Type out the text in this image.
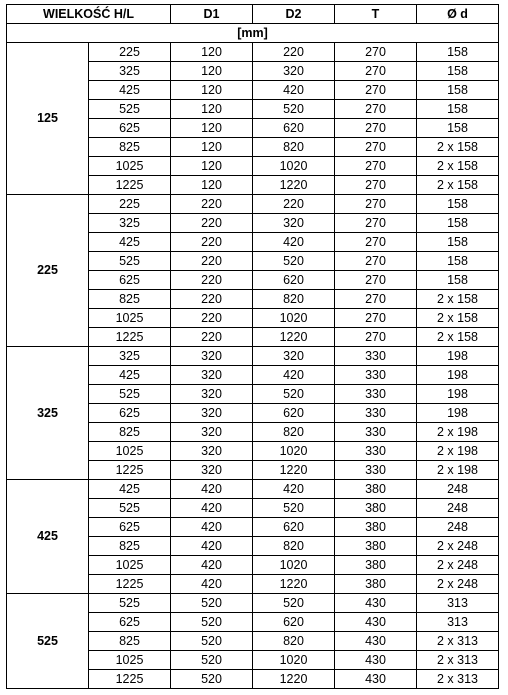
WIELKOŚĆ H/L		D1	D2	T	Ø d
[mm]					
125	225	120	220	270	158
	325	120	320	270	158
	425	120	420	270	158
	525	120	520	270	158
	625	120	620	270	158
	825	120	820	270	2 x 158
	1025	120	1020	270	2 x 158
	1225	120	1220	270	2 x 158
225	225	220	220	270	158
	325	220	320	270	158
	425	220	420	270	158
	525	220	520	270	158
	625	220	620	270	158
	825	220	820	270	2 x 158
	1025	220	1020	270	2 x 158
	1225	220	1220	270	2 x 158
325	325	320	320	330	198
	425	320	420	330	198
	525	320	520	330	198
	625	320	620	330	198
	825	320	820	330	2 x 198
	1025	320	1020	330	2 x 198
	1225	320	1220	330	2 x 198
425	425	420	420	380	248
	525	420	520	380	248
	625	420	620	380	248
	825	420	820	380	2 x 248
	1025	420	1020	380	2 x 248
	1225	420	1220	380	2 x 248
525	525	520	520	430	313
	625	520	620	430	313
	825	520	820	430	2 x 313
	1025	520	1020	430	2 x 313
	1225	520	1220	430	2 x 313
